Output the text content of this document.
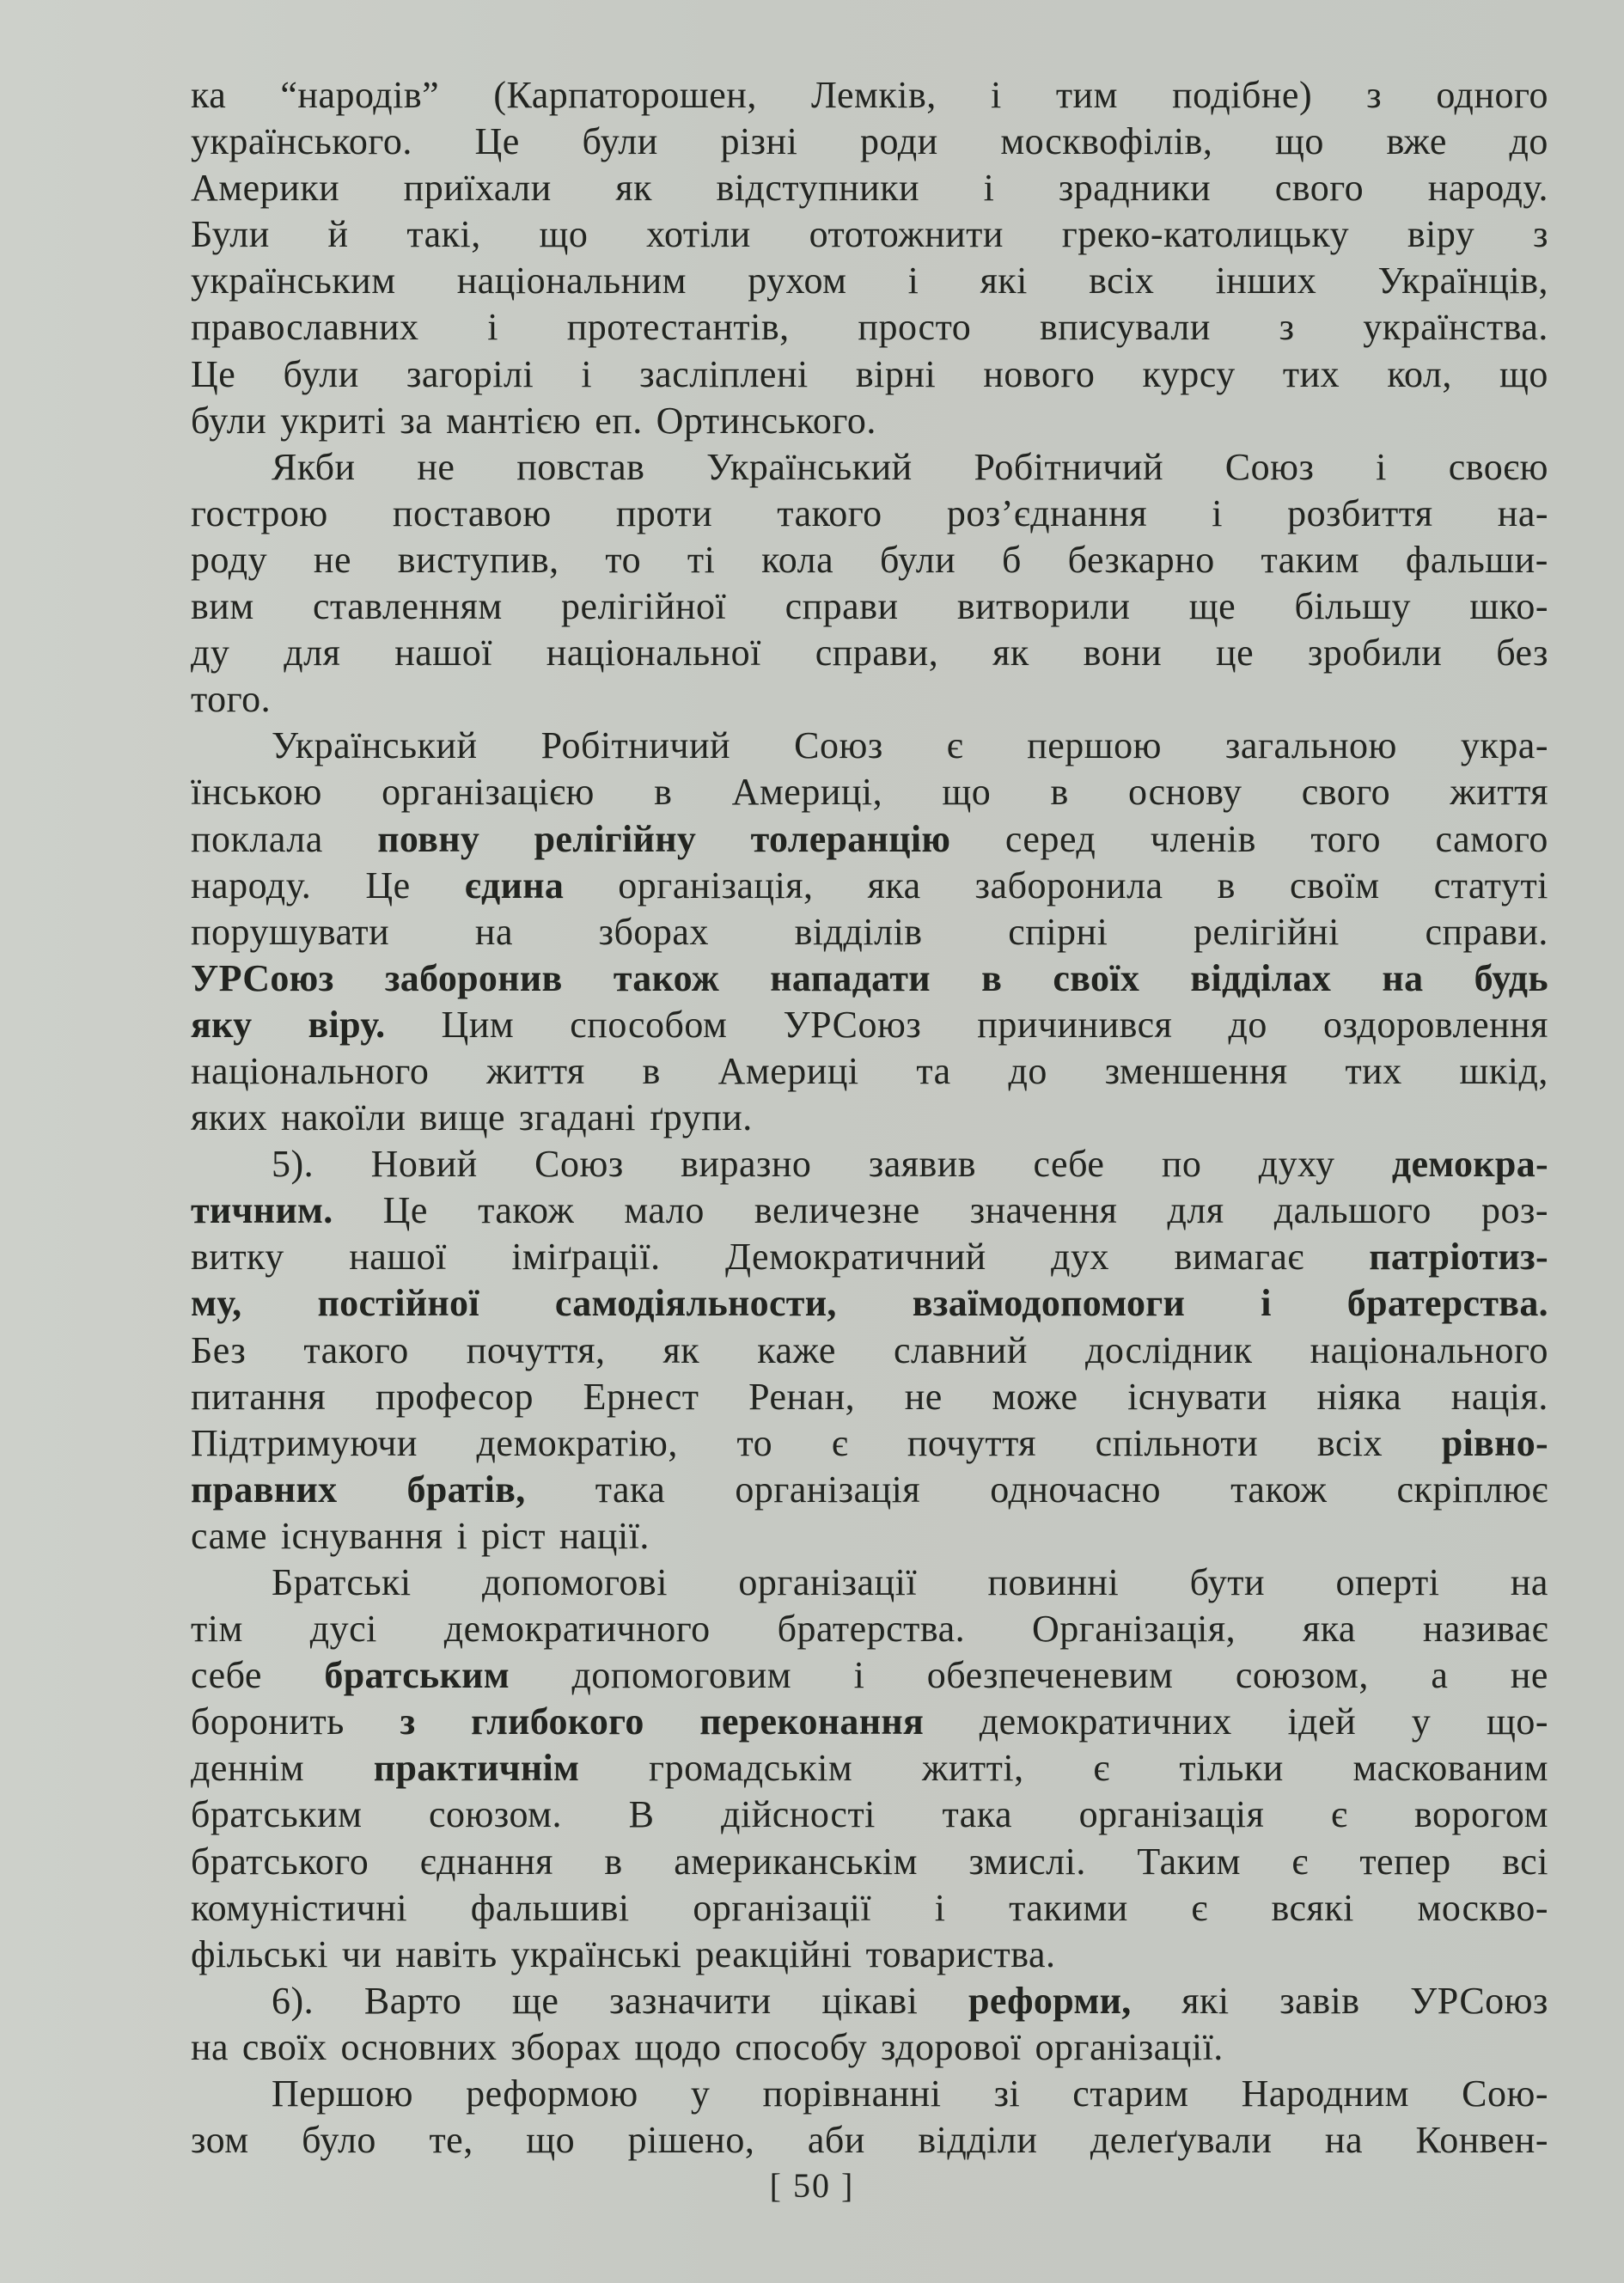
ка “народів” (Карпаторошен, Лемків, і тим подібне) з одного
українського. Це були різні роди москвофілів, що вже до
Америки приїхали як відступники і зрадники свого народу.
Були й такі, що хотіли ототожнити греко-католицьку віру з
українським національним рухом і які всіх інших Українців,
православних і протестантів, просто вписували з українства.
Це були загорілі і засліплені вірні нового курсу тих кол, що
були укриті за мантією еп. Ортинського.
Якби не повстав Український Робітничий Союз і своєю
гострою поставою проти такого роз’єднання і розбиття на-
роду не виступив, то ті кола були б безкарно таким фальши-
вим ставленням релігійної справи витворили ще більшу шко-
ду для нашої національної справи, як вони це зробили без
того.
Український Робітничий Союз є першою загальною укра-
їнською організацією в Америці, що в основу свого життя
поклала повну релігійну толеранцію серед членів того самого
народу. Це єдина організація, яка заборонила в своїм статуті
порушувати на зборах відділів спірні релігійні справи.
УРСоюз заборонив також нападати в своїх відділах на будь
яку віру. Цим способом УРСоюз причинився до оздоровлення
національного життя в Америці та до зменшення тих шкід,
яких накоїли вище згадані ґрупи.
5). Новий Союз виразно заявив себе по духу демокра-
тичним. Це також мало величезне значення для дальшого роз-
витку нашої іміґрації. Демократичний дух вимагає патріотиз-
му, постійної самодіяльности, взаїмодопомоги і братерства.
Без такого почуття, як каже славний дослідник національного
питання професор Ернест Ренан, не може існувати ніяка нація.
Підтримуючи демократію, то є почуття спільноти всіх рівно-
правних братів, така організація одночасно також скріплює
саме існування і ріст нації.
Братські допомогові організації повинні бути оперті на
тім дусі демократичного братерства. Організація, яка називає
себе братським допомоговим і обезпеченевим союзом, а не
боронить з глибокого переконання демократичних ідей у що-
деннім практичнім громадськім житті, є тільки маскованим
братським союзом. В дійсності така організація є ворогом
братського єднання в американськім змислі. Таким є тепер всі
комуністичні фальшиві організації і такими є всякі москво-
фільські чи навіть українські реакційні товариства.
6). Варто ще зазначити цікаві реформи, які завів УРСоюз
на своїх основних зборах щодо способу здорової організації.
Першою реформою у порівнанні зі старим Народним Сою-
зом було те, що рішено, аби відділи делеґували на Конвен-
[ 50 ]
